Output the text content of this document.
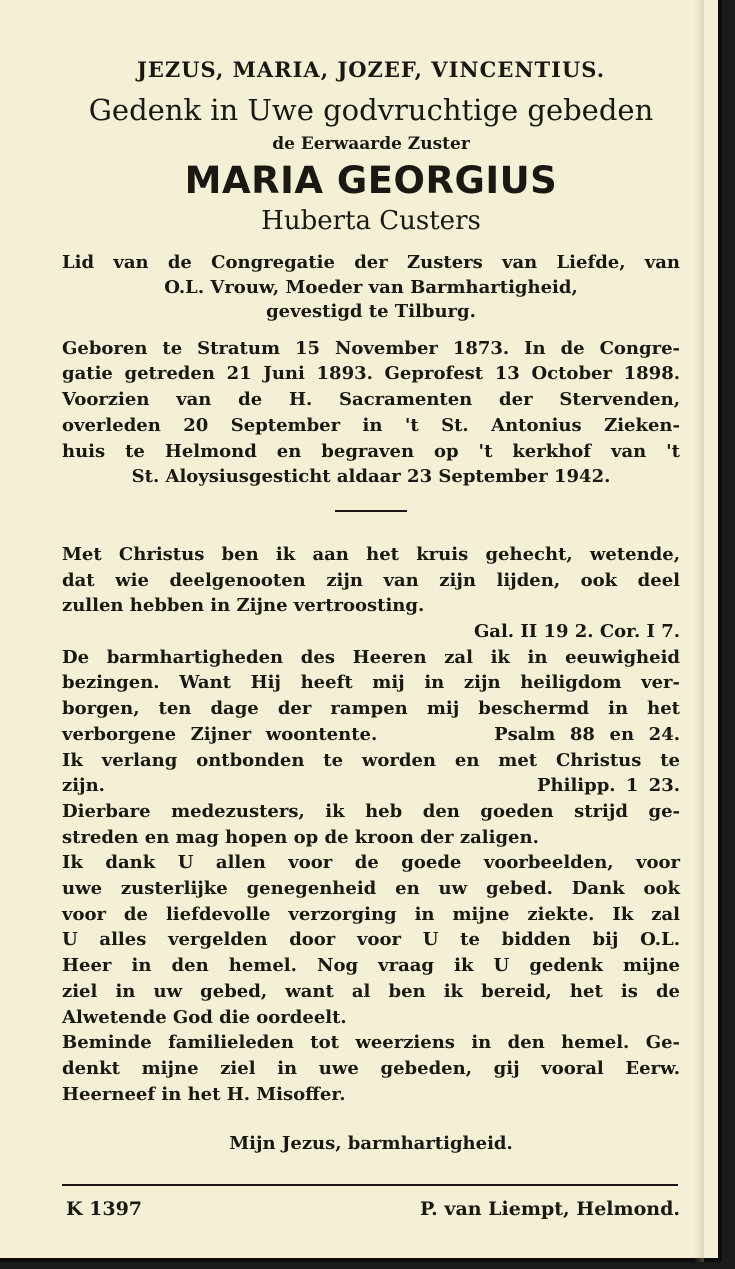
JEZUS, MARIA, JOZEF, VINCENTIUS.
Gedenk in Uwe godvruchtige gebeden
de Eerwaarde Zuster
MARIA GEORGIUS
Huberta Custers
Lid van de Congregatie der Zusters van Liefde, van
O.L. Vrouw, Moeder van Barmhartigheid,
gevestigd te Tilburg.
Geboren te Stratum 15 November 1873. In de Congre-
gatie getreden 21 Juni 1893. Geprofest 13 October 1898.
Voorzien van de H. Sacramenten der Stervenden,
overleden 20 September in 't St. Antonius Zieken-
huis te Helmond en begraven op 't kerkhof van 't
St. Aloysiusgesticht aldaar 23 September 1942.
Met Christus ben ik aan het kruis gehecht, wetende,
dat wie deelgenooten zijn van zijn lijden, ook deel
zullen hebben in Zijne vertroosting.
Gal. II 19 2. Cor. I 7.
De barmhartigheden des Heeren zal ik in eeuwigheid
bezingen. Want Hij heeft mij in zijn heiligdom ver-
borgen, ten dage der rampen mij beschermd in het
verborgene Zijner woontente.        Psalm 88 en 24.
Ik verlang ontbonden te worden en met Christus te
zijn.                                          Philipp. 1 23.
Dierbare medezusters, ik heb den goeden strijd ge-
streden en mag hopen op de kroon der zaligen.
Ik dank U allen voor de goede voorbeelden, voor
uwe zusterlijke genegenheid en uw gebed. Dank ook
voor de liefdevolle verzorging in mijne ziekte. Ik zal
U alles vergelden door voor U te bidden bij O.L.
Heer in den hemel. Nog vraag ik U gedenk mijne
ziel in uw gebed, want al ben ik bereid, het is de
Alwetende God die oordeelt.
Beminde familieleden tot weerziens in den hemel. Ge-
denkt mijne ziel in uwe gebeden, gij vooral Eerw.
Heerneef in het H. Misoffer.
Mijn Jezus, barmhartigheid.
K 1397	P. van Liempt, Helmond.
